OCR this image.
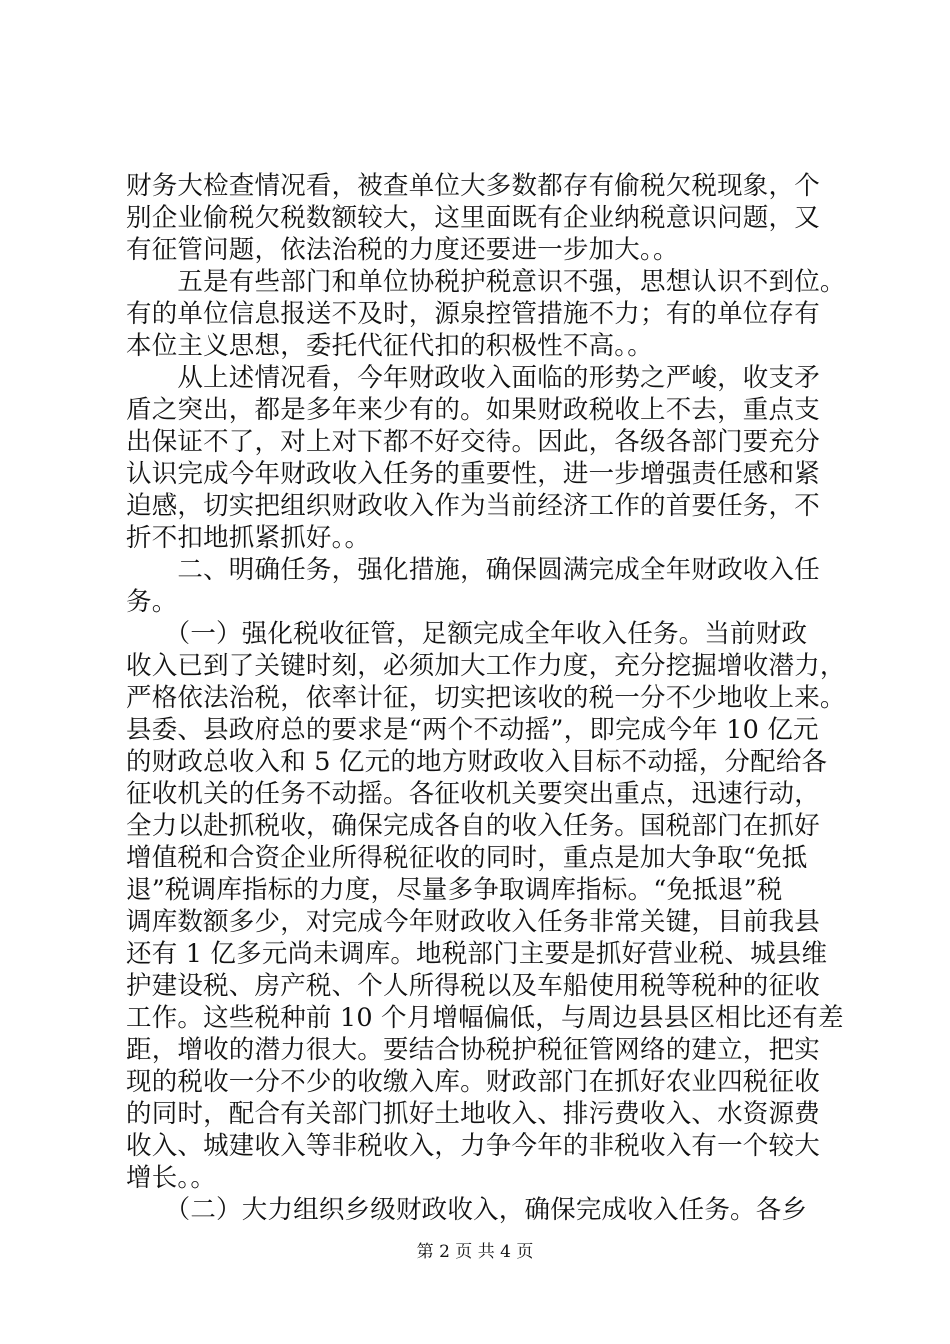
财务大检查情况看，被查单位大多数都存有偷税欠税现象，个
别企业偷税欠税数额较大，这里面既有企业纳税意识问题，又
有征管问题，依法治税的力度还要进一步加大。。
　　五是有些部门和单位协税护税意识不强，思想认识不到位。
有的单位信息报送不及时，源泉控管措施不力；有的单位存有
本位主义思想，委托代征代扣的积极性不高。。
　　从上述情况看，今年财政收入面临的形势之严峻，收支矛
盾之突出，都是多年来少有的。如果财政税收上不去，重点支
出保证不了，对上对下都不好交待。因此，各级各部门要充分
认识完成今年财政收入任务的重要性，进一步增强责任感和紧
迫感，切实把组织财政收入作为当前经济工作的首要任务，不
折不扣地抓紧抓好。。
　　二、明确任务，强化措施，确保圆满完成全年财政收入任
务。
　　（一）强化税收征管，足额完成全年收入任务。当前财政
收入已到了关键时刻，必须加大工作力度，充分挖掘增收潜力，
严格依法治税，依率计征，切实把该收的税一分不少地收上来。
县委、县政府总的要求是“两个不动摇”，即完成今年 10 亿元
的财政总收入和 5 亿元的地方财政收入目标不动摇，分配给各
征收机关的任务不动摇。各征收机关要突出重点，迅速行动，
全力以赴抓税收，确保完成各自的收入任务。国税部门在抓好
增值税和合资企业所得税征收的同时，重点是加大争取“免抵
退”税调库指标的力度，尽量多争取调库指标。“免抵退”税
调库数额多少，对完成今年财政收入任务非常关键，目前我县
还有 1 亿多元尚未调库。地税部门主要是抓好营业税、城县维
护建设税、房产税、个人所得税以及车船使用税等税种的征收
工作。这些税种前 10 个月增幅偏低，与周边县县区相比还有差
距，增收的潜力很大。要结合协税护税征管网络的建立，把实
现的税收一分不少的收缴入库。财政部门在抓好农业四税征收
的同时，配合有关部门抓好土地收入、排污费收入、水资源费
收入、城建收入等非税收入，力争今年的非税收入有一个较大
增长。。
　　（二）大力组织乡级财政收入，确保完成收入任务。各乡
第 2 页 共 4 页
